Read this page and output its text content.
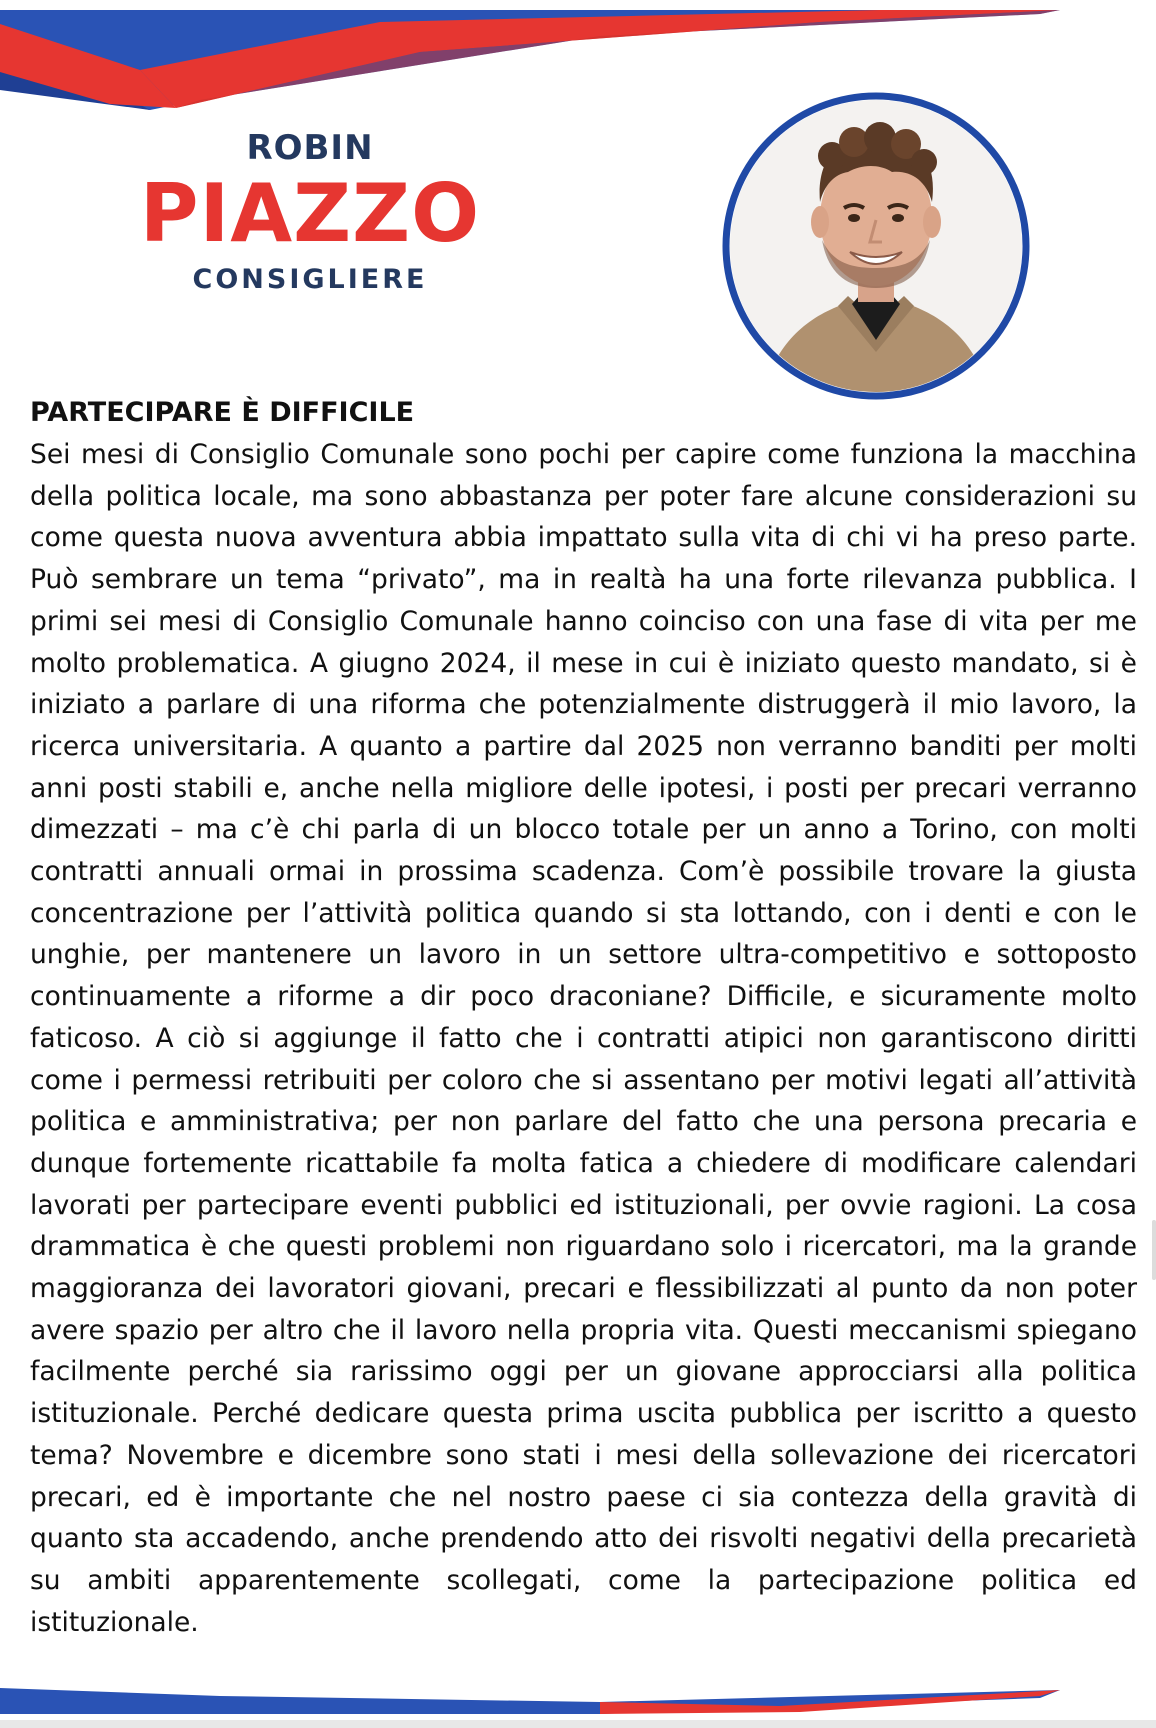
ROBIN
PIAZZO
CONSIGLIERE
PARTECIPARE È DIFFICILE

Sei mesi di Consiglio Comunale sono pochi per capire come funziona la macchina della politica locale, ma sono abbastanza per poter fare alcune considerazioni su come questa nuova avventura abbia impattato sulla vita di chi vi ha preso parte. Può sembrare un tema “privato”, ma in realtà ha una forte rilevanza pubblica. I primi sei mesi di Consiglio Comunale hanno coinciso con una fase di vita per me molto problematica. A giugno 2024, il mese in cui è iniziato questo mandato, si è iniziato a parlare di una riforma che potenzialmente distruggerà il mio lavoro, la ricerca universitaria. A quanto a partire dal 2025 non verranno banditi per molti anni posti stabili e, anche nella migliore delle ipotesi, i posti per precari verranno dimezzati – ma c’è chi parla di un blocco totale per un anno a Torino, con molti contratti annuali ormai in prossima scadenza. Com’è possibile trovare la giusta concentrazione per l’attività politica quando si sta lottando, con i denti e con le unghie, per mantenere un lavoro in un settore ultra-competitivo e sottoposto continuamente a riforme a dir poco draconiane? Difficile, e sicuramente molto faticoso. A ciò si aggiunge il fatto che i contratti atipici non garantiscono diritti come i permessi retribuiti per coloro che si assentano per motivi legati all’attività politica e amministrativa; per non parlare del fatto che una persona precaria e dunque fortemente ricattabile fa molta fatica a chiedere di modificare calendari lavorati per partecipare eventi pubblici ed istituzionali, per ovvie ragioni. La cosa drammatica è che questi problemi non riguardano solo i ricercatori, ma la grande maggioranza dei lavoratori giovani, precari e flessibilizzati al punto da non poter avere spazio per altro che il lavoro nella propria vita. Questi meccanismi spiegano facilmente perché sia rarissimo oggi per un giovane approcciarsi alla politica istituzionale. Perché dedicare questa prima uscita pubblica per iscritto a questo tema? Novembre e dicembre sono stati i mesi della sollevazione dei ricercatori precari, ed è importante che nel nostro paese ci sia contezza della gravità di quanto sta accadendo, anche prendendo atto dei risvolti negativi della precarietà su ambiti apparentemente scollegati, come la partecipazione politica ed istituzionale.
